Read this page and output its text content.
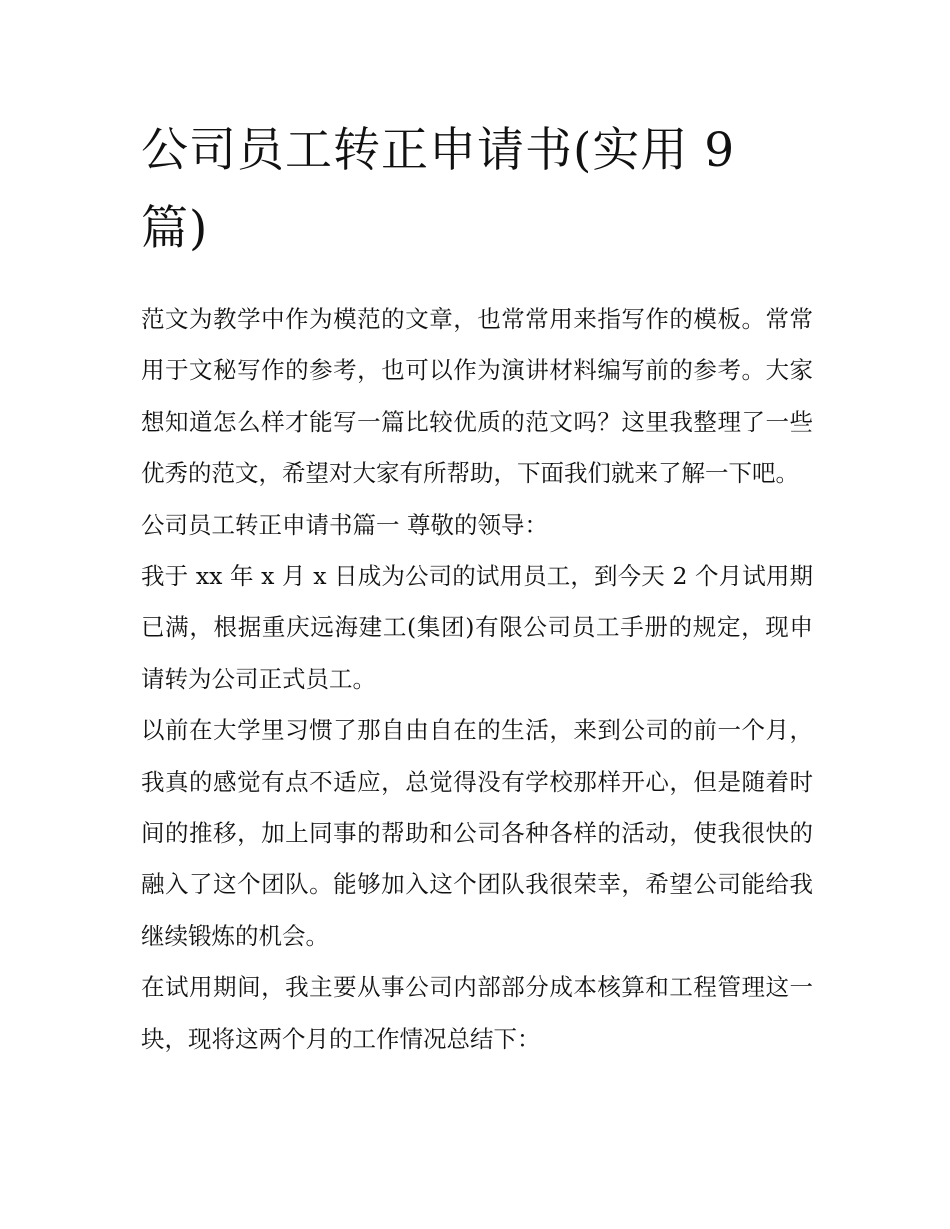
公司员工转正申请书(实用 9 篇)

范文为教学中作为模范的文章，也常常用来指写作的模板。常常用于文秘写作的参考，也可以作为演讲材料编写前的参考。大家想知道怎么样才能写一篇比较优质的范文吗？这里我整理了一些优秀的范文，希望对大家有所帮助，下面我们就来了解一下吧。

公司员工转正申请书篇一 尊敬的领导：

我于 xx 年 x 月 x 日成为公司的试用员工，到今天 2 个月试用期已满，根据重庆远海建工(集团)有限公司员工手册的规定，现申请转为公司正式员工。

以前在大学里习惯了那自由自在的生活，来到公司的前一个月，我真的感觉有点不适应，总觉得没有学校那样开心，但是随着时间的推移，加上同事的帮助和公司各种各样的活动，使我很快的融入了这个团队。能够加入这个团队我很荣幸，希望公司能给我继续锻炼的机会。

在试用期间，我主要从事公司内部部分成本核算和工程管理这一块，现将这两个月的工作情况总结下：
